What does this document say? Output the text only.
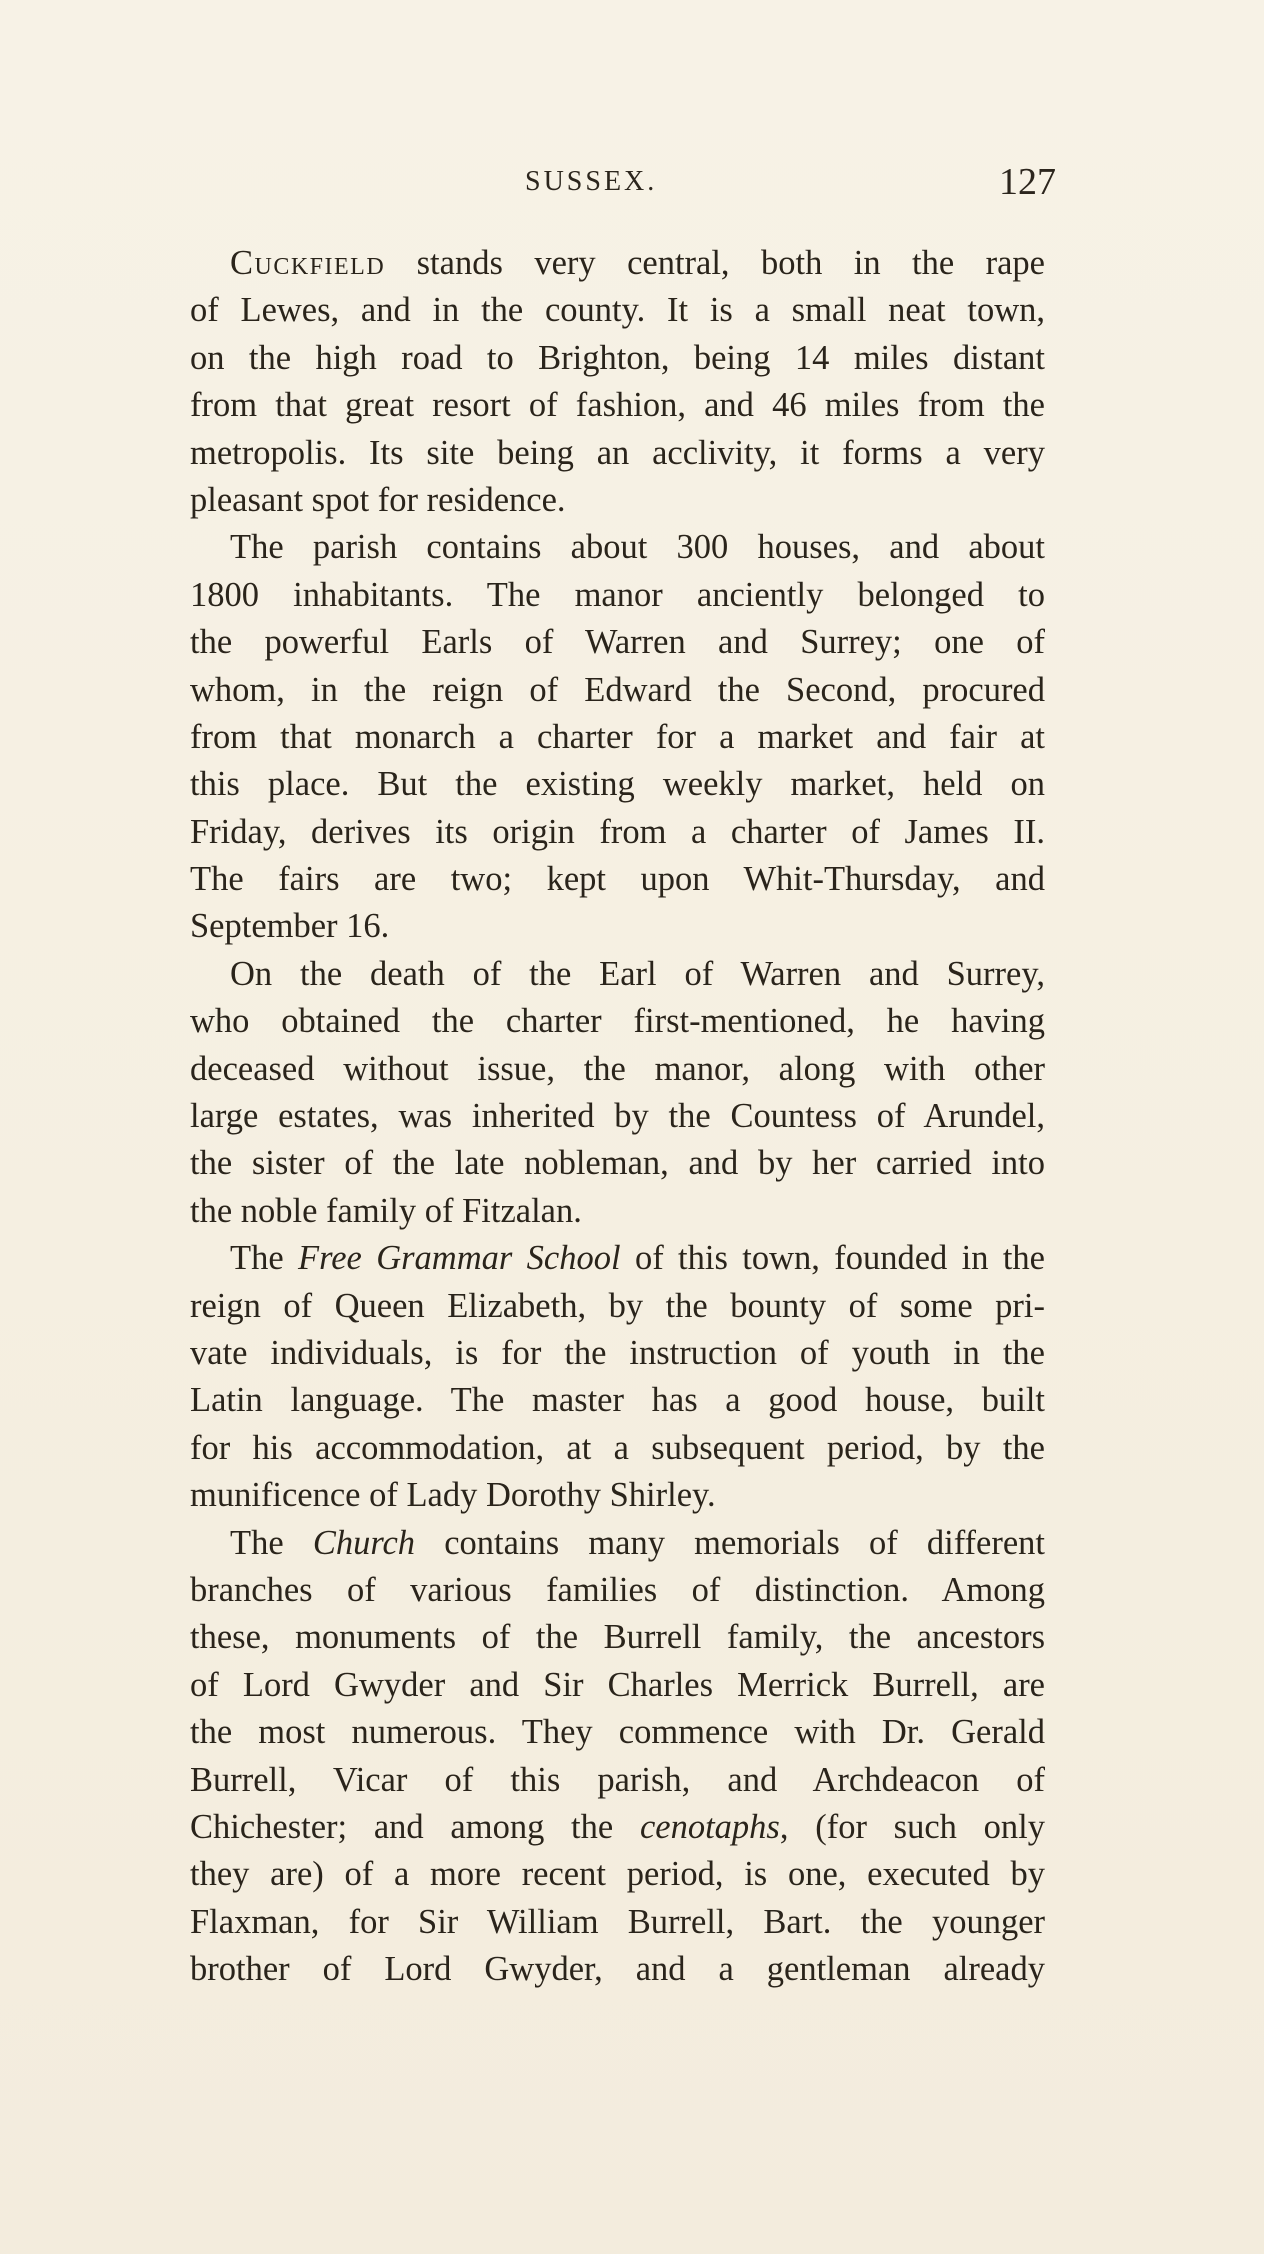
SUSSEX.	127
Cuckfield stands very central, both in the rape
of Lewes, and in the county. It is a small neat town,
on the high road to Brighton, being 14 miles distant
from that great resort of fashion, and 46 miles from the
metropolis. Its site being an acclivity, it forms a very
pleasant spot for residence.
The parish contains about 300 houses, and about
1800 inhabitants. The manor anciently belonged to
the powerful Earls of Warren and Surrey; one of
whom, in the reign of Edward the Second, procured
from that monarch a charter for a market and fair at
this place. But the existing weekly market, held on
Friday, derives its origin from a charter of James II.
The fairs are two; kept upon Whit-Thursday, and
September 16.
On the death of the Earl of Warren and Surrey,
who obtained the charter first-mentioned, he having
deceased without issue, the manor, along with other
large estates, was inherited by the Countess of Arundel,
the sister of the late nobleman, and by her carried into
the noble family of Fitzalan.
The Free Grammar School of this town, founded in the
reign of Queen Elizabeth, by the bounty of some pri-
vate individuals, is for the instruction of youth in the
Latin language. The master has a good house, built
for his accommodation, at a subsequent period, by the
munificence of Lady Dorothy Shirley.
The Church contains many memorials of different
branches of various families of distinction. Among
these, monuments of the Burrell family, the ancestors
of Lord Gwyder and Sir Charles Merrick Burrell, are
the most numerous. They commence with Dr. Gerald
Burrell, Vicar of this parish, and Archdeacon of
Chichester; and among the cenotaphs, (for such only
they are) of a more recent period, is one, executed by
Flaxman, for Sir William Burrell, Bart. the younger
brother of Lord Gwyder, and a gentleman already
